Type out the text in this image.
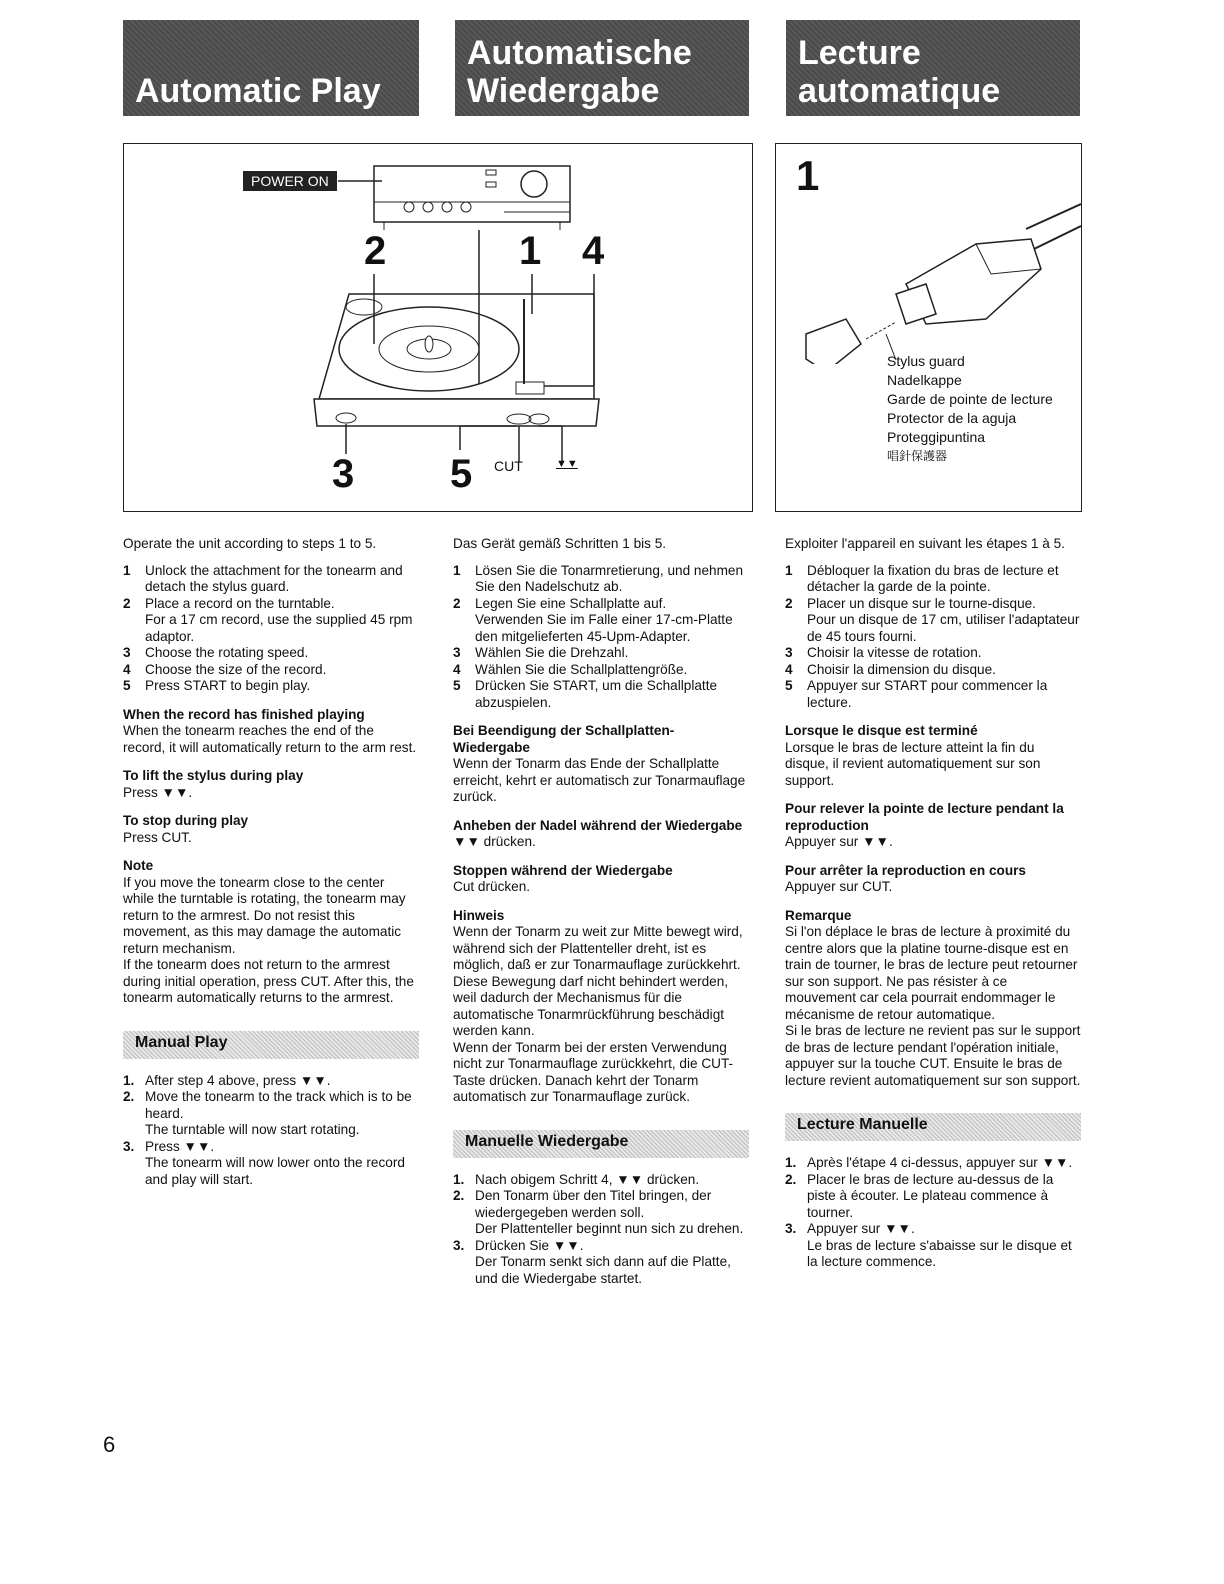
Automatic Play
Automatische
Wiedergabe
Lecture
automatique
POWER ON
2	1 4
3 5 CUT	▼▼
1
Stylus guard
Nadelkappe
Garde de pointe de lecture
Protector de la aguja
Proteggipuntina
唱針保護器

Operate the unit according to steps 1 to 5.

1 Unlock the attachment for the tonearm and detach the stylus guard.
2 Place a record on the turntable.
For a 17 cm record, use the supplied 45 rpm adaptor.
3 Choose the rotating speed.
4 Choose the size of the record.
5 Press START to begin play.
When the record has finished playing
When the tonearm reaches the end of the record, it will automatically return to the arm rest.
To lift the stylus during play
Press ▼▼.
To stop during play
Press CUT.
Note
If you move the tonearm close to the center while the turntable is rotating, the tonearm may return to the armrest. Do not resist this movement, as this may damage the automatic return mechanism.
If the tonearm does not return to the armrest during initial operation, press CUT. After this, the tonearm automatically returns to the armrest.
Manual Play
1. After step 4 above, press ▼▼.
2. Move the tonearm to the track which is to be heard.
The turntable will now start rotating.
3. Press ▼▼.
The tonearm will now lower onto the record and play will start.

Das Gerät gemäß Schritten 1 bis 5.

1 Lösen Sie die Tonarmretierung, und nehmen Sie den Nadelschutz ab.
2 Legen Sie eine Schallplatte auf.
Verwenden Sie im Falle einer 17-cm-Platte den mitgelieferten 45-Upm-Adapter.
3 Wählen Sie die Drehzahl.
4 Wählen Sie die Schallplattengröße.
5 Drücken Sie START, um die Schallplatte abzuspielen.
Bei Beendigung der Schallplatten-Wiedergabe
Wenn der Tonarm das Ende der Schallplatte erreicht, kehrt er automatisch zur Tonarmauflage zurück.
Anheben der Nadel während der Wiedergabe
▼▼ drücken.
Stoppen während der Wiedergabe
Cut drücken.
Hinweis
Wenn der Tonarm zu weit zur Mitte bewegt wird, während sich der Plattenteller dreht, ist es möglich, daß er zur Tonarmauflage zurückkehrt. Diese Bewegung darf nicht behindert werden, weil dadurch der Mechanismus für die automatische Tonarmrückführung beschädigt werden kann.
Wenn der Tonarm bei der ersten Verwendung nicht zur Tonarmauflage zurückkehrt, die CUT-Taste drücken. Danach kehrt der Tonarm automatisch zur Tonarmauflage zurück.
Manuelle Wiedergabe
1. Nach obigem Schritt 4, ▼▼ drücken.
2. Den Tonarm über den Titel bringen, der wiedergegeben werden soll.
Der Plattenteller beginnt nun sich zu drehen.
3. Drücken Sie ▼▼.
Der Tonarm senkt sich dann auf die Platte, und die Wiedergabe startet.

Exploiter l'appareil en suivant les étapes 1 à 5.

1 Débloquer la fixation du bras de lecture et détacher la garde de la pointe.
2 Placer un disque sur le tourne-disque.
Pour un disque de 17 cm, utiliser l'adaptateur de 45 tours fourni.
3 Choisir la vitesse de rotation.
4 Choisir la dimension du disque.
5 Appuyer sur START pour commencer la lecture.
Lorsque le disque est terminé
Lorsque le bras de lecture atteint la fin du disque, il revient automatiquement sur son support.
Pour relever la pointe de lecture pendant la reproduction
Appuyer sur ▼▼.
Pour arrêter la reproduction en cours
Appuyer sur CUT.
Remarque
Si l'on déplace le bras de lecture à proximité du centre alors que la platine tourne-disque est en train de tourner, le bras de lecture peut retourner sur son support. Ne pas résister à ce mouvement car cela pourrait endommager le mécanisme de retour automatique.
Si le bras de lecture ne revient pas sur le support de bras de lecture pendant l'opération initiale, appuyer sur la touche CUT. Ensuite le bras de lecture revient automatiquement sur son support.
Lecture Manuelle
1. Après l'étape 4 ci-dessus, appuyer sur ▼▼.
2. Placer le bras de lecture au-dessus de la piste à écouter. Le plateau commence à tourner.
3. Appuyer sur ▼▼.
Le bras de lecture s'abaisse sur le disque et la lecture commence.
6
